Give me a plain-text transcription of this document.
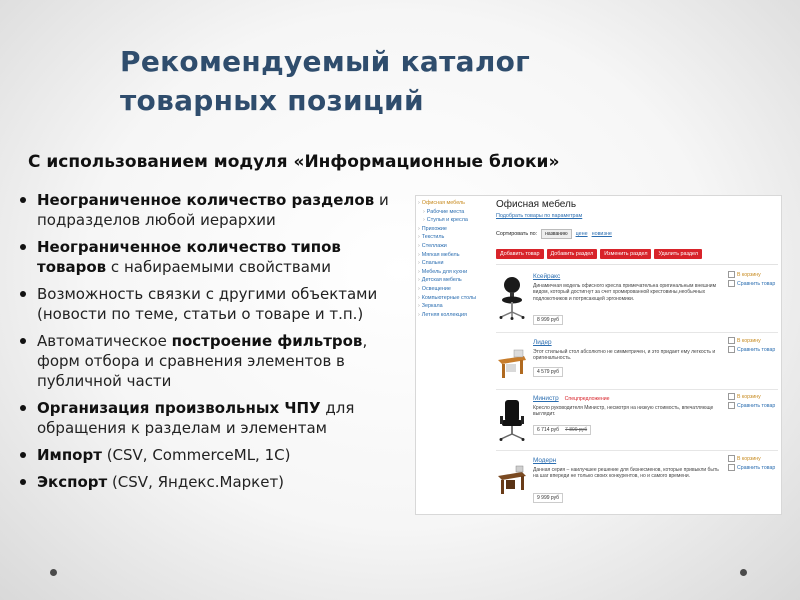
Рекомендуемый каталог товарных позиций
С использованием модуля «Информационные блоки»
Неограниченное количество разделов и подразделов любой иерархии
Неограниченное количество типов товаров с набираемыми свойствами
Возможность связки с другими объектами (новости по теме, статьи о товаре и т.п.)
Автоматическое построение фильтров, форм отбора и сравнения элементов в публичной части
Организация произвольных ЧПУ для обращения к разделам и элементам
Импорт (CSV, CommerceML, 1C)
Экспорт (CSV, Яндекс.Маркет)
› Офисная мебель
› Рабочие места
› Стулья и кресла
› Прихожие
› Текстиль
› Стеллажи
› Мягкая мебель
› Спальни
› Мебель для кухни
› Детская мебель
› Освещение
› Компьютерные столы
› Зеркала
› Летняя коллекция
Офисная мебель
Подобрать товары по параметрам
Сортировать по:	названию	цене новизне
Добавить товар	Добавить раздел	Изменить раздел	Удалить раздел
Ксейракс
Динамичная модель офисного кресла примечательна оригинальным внешним видом, который достигнут за счет хромированной крестовины,необычных подлокотников и потрясающей эргономики.
8 999 руб
В корзину
Сравнить товар
Лидер
Этот стильный стол абсолютно не симметричен, и это придает ему легкость и оригинальность.
4 579 руб
В корзину
Сравнить товар
Министр Спецпредложение
Кресло руководителя Министр, несмотря на низкую стоимость, впечатляюще выглядит.
6 714 руб 7 899 руб
В корзину
Сравнить товар
Модерн
Данная серия – наилучшее решение для бизнесменов, которые привыкли быть на шаг впереди не только своих конкурентов, но и самого времени.
9 999 руб
В корзину
Сравнить товар
